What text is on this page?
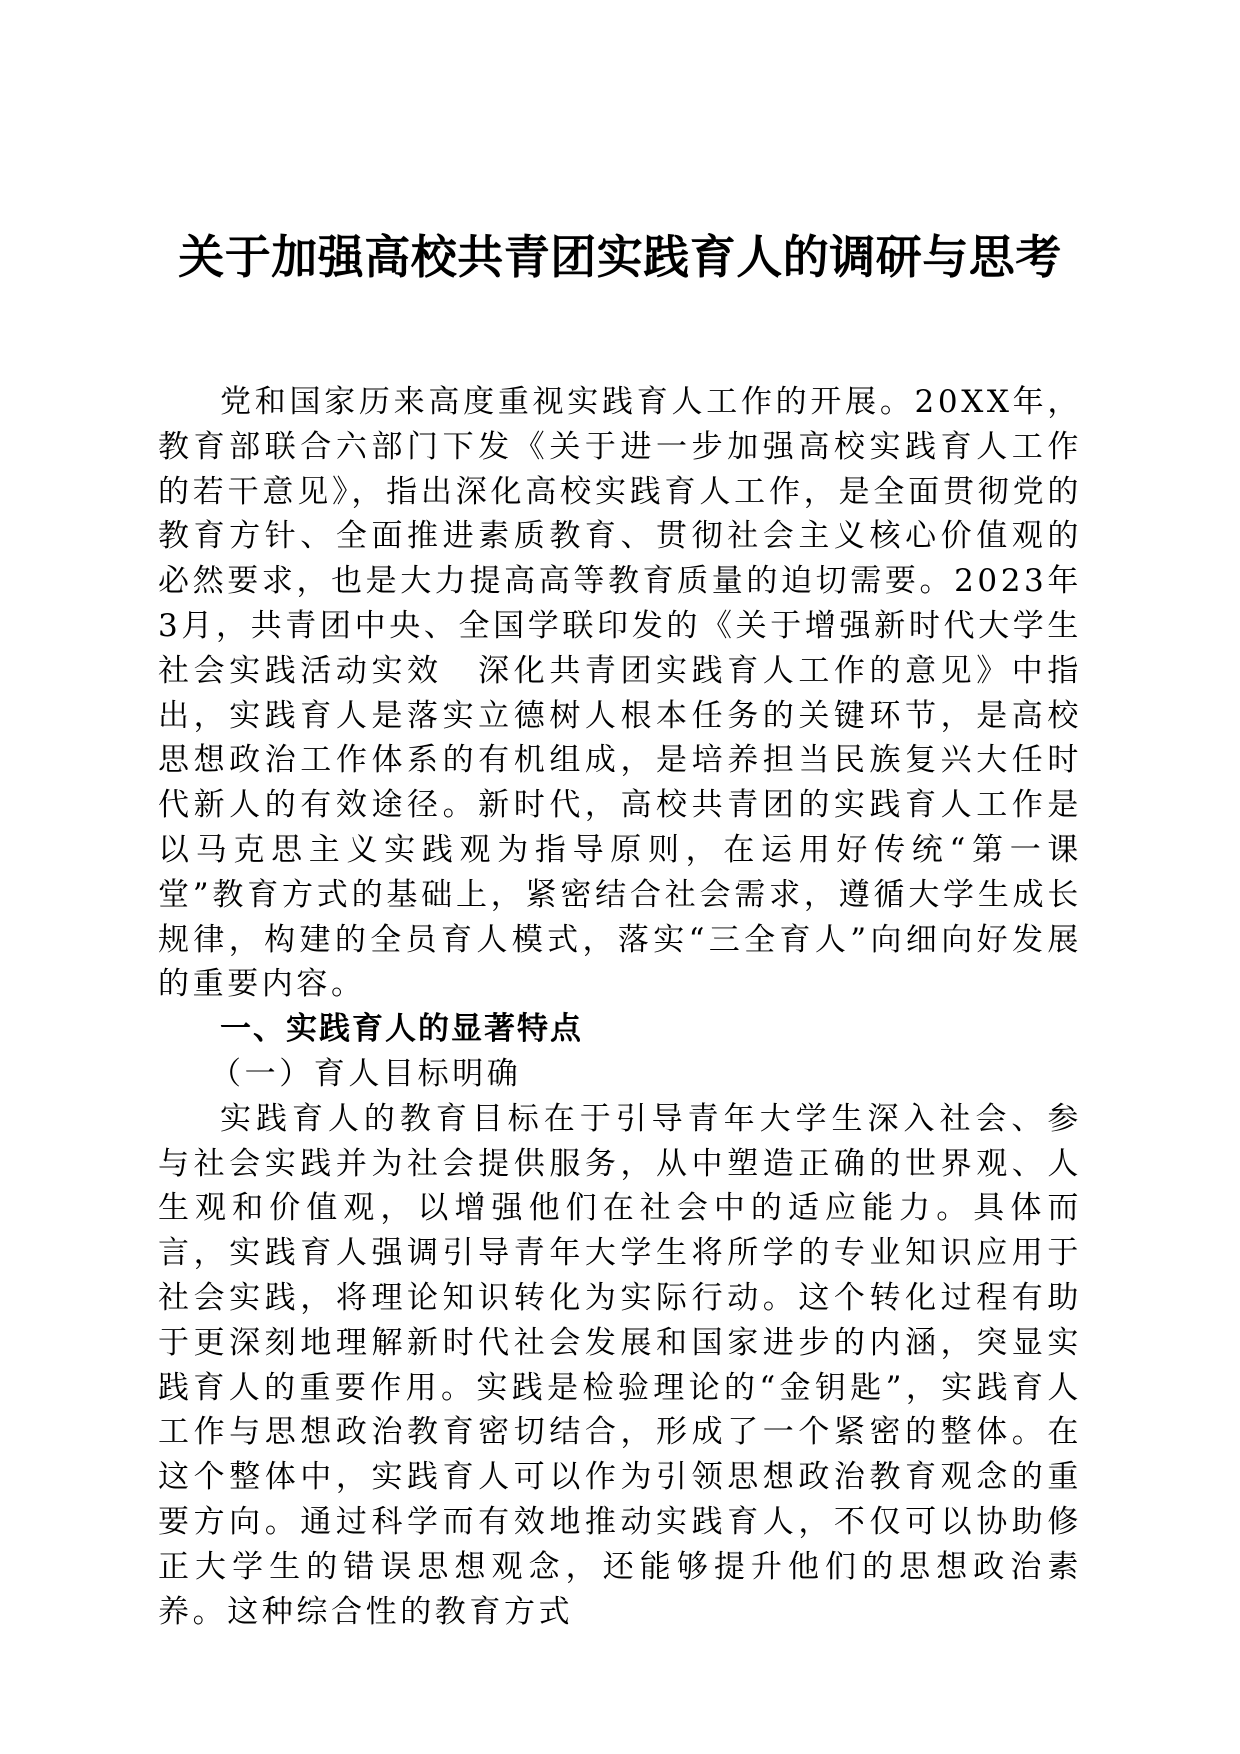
关于加强高校共青团实践育人的调研与思考

党和国家历来高度重视实践育人工作的开展。20XX年，教育部联合六部门下发《关于进一步加强高校实践育人工作的若干意见》，指出深化高校实践育人工作，是全面贯彻党的教育方针、全面推进素质教育、贯彻社会主义核心价值观的必然要求，也是大力提高高等教育质量的迫切需要。2023年3月，共青团中央、全国学联印发的《关于增强新时代大学生社会实践活动实效　深化共青团实践育人工作的意见》中指出，实践育人是落实立德树人根本任务的关键环节，是高校思想政治工作体系的有机组成，是培养担当民族复兴大任时代新人的有效途径。新时代，高校共青团的实践育人工作是以马克思主义实践观为指导原则，在运用好传统“第一课堂”教育方式的基础上，紧密结合社会需求，遵循大学生成长规律，构建的全员育人模式，落实“三全育人”向细向好发展的重要内容。

一、实践育人的显著特点
（一）育人目标明确

实践育人的教育目标在于引导青年大学生深入社会、参与社会实践并为社会提供服务，从中塑造正确的世界观、人生观和价值观，以增强他们在社会中的适应能力。具体而言，实践育人强调引导青年大学生将所学的专业知识应用于社会实践，将理论知识转化为实际行动。这个转化过程有助于更深刻地理解新时代社会发展和国家进步的内涵，突显实践育人的重要作用。实践是检验理论的“金钥匙”，实践育人工作与思想政治教育密切结合，形成了一个紧密的整体。在这个整体中，实践育人可以作为引领思想政治教育观念的重要方向。通过科学而有效地推动实践育人，不仅可以协助修正大学生的错误思想观念，还能够提升他们的思想政治素养。这种综合性的教育方式
